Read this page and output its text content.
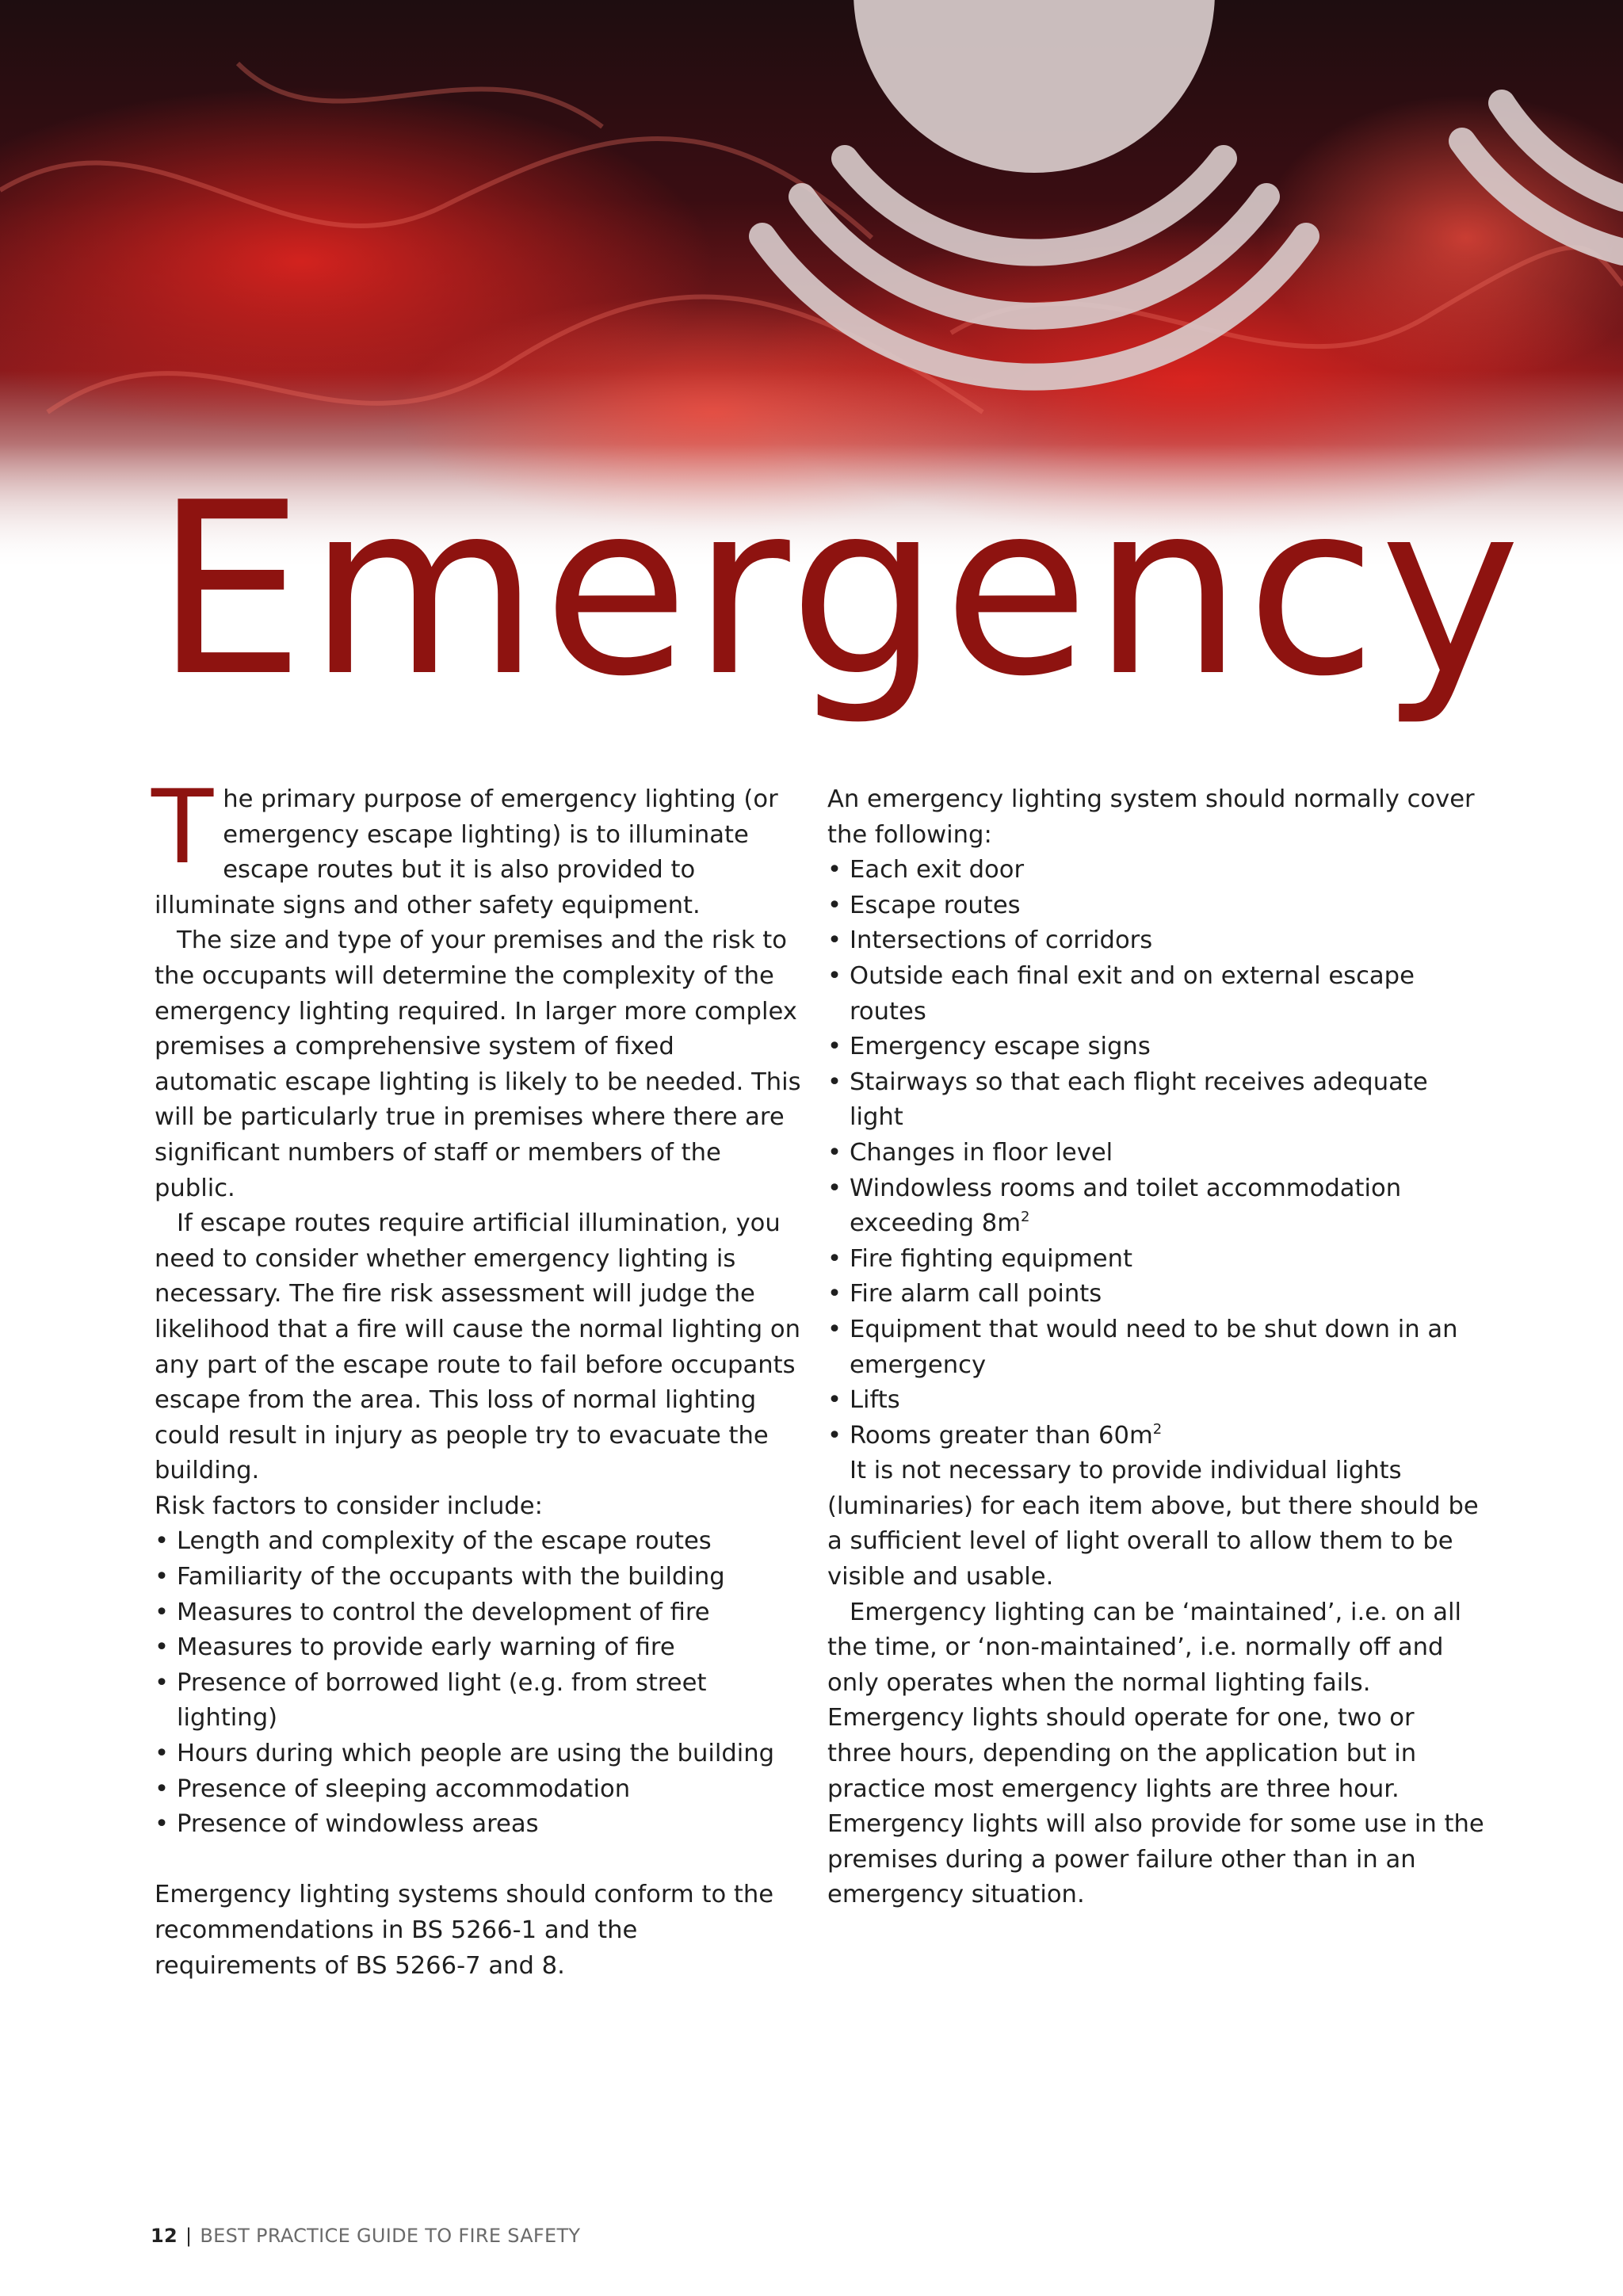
Emergency

The primary purpose of emergency lighting (or emergency escape lighting) is to illuminate escape routes but it is also provided to illuminate signs and other safety equipment.

The size and type of your premises and the risk to the occupants will determine the complexity of the emergency lighting required. In larger more complex premises a comprehensive system of fixed automatic escape lighting is likely to be needed. This will be particularly true in premises where there are significant numbers of staff or members of the public.

If escape routes require artificial illumination, you need to consider whether emergency lighting is necessary. The fire risk assessment will judge the likelihood that a fire will cause the normal lighting on any part of the escape route to fail before occupants escape from the area. This loss of normal lighting could result in injury as people try to evacuate the building.

Risk factors to consider include:

• Length and complexity of the escape routes
• Familiarity of the occupants with the building
• Measures to control the development of fire
• Measures to provide early warning of fire
• Presence of borrowed light (e.g. from street lighting)
• Hours during which people are using the building
• Presence of sleeping accommodation
• Presence of windowless areas

Emergency lighting systems should conform to the recommendations in BS 5266-1 and the requirements of BS 5266-7 and 8.

An emergency lighting system should normally cover the following:

• Each exit door
• Escape routes
• Intersections of corridors
• Outside each final exit and on external escape routes
• Emergency escape signs
• Stairways so that each flight receives adequate light
• Changes in floor level
• Windowless rooms and toilet accommodation exceeding $8m^2$
• Fire fighting equipment
• Fire alarm call points
• Equipment that would need to be shut down in an emergency
• Lifts
• Rooms greater than $60m^2$

It is not necessary to provide individual lights (luminaries) for each item above, but there should be a sufficient level of light overall to allow them to be visible and usable.

Emergency lighting can be ‘maintained’, i.e. on all the time, or ‘non-maintained’, i.e. normally off and only operates when the normal lighting fails. Emergency lights should operate for one, two or three hours, depending on the application but in practice most emergency lights are three hour. Emergency lights will also provide for some use in the premises during a power failure other than in an emergency situation.

12 | BEST PRACTICE GUIDE TO FIRE SAFETY
